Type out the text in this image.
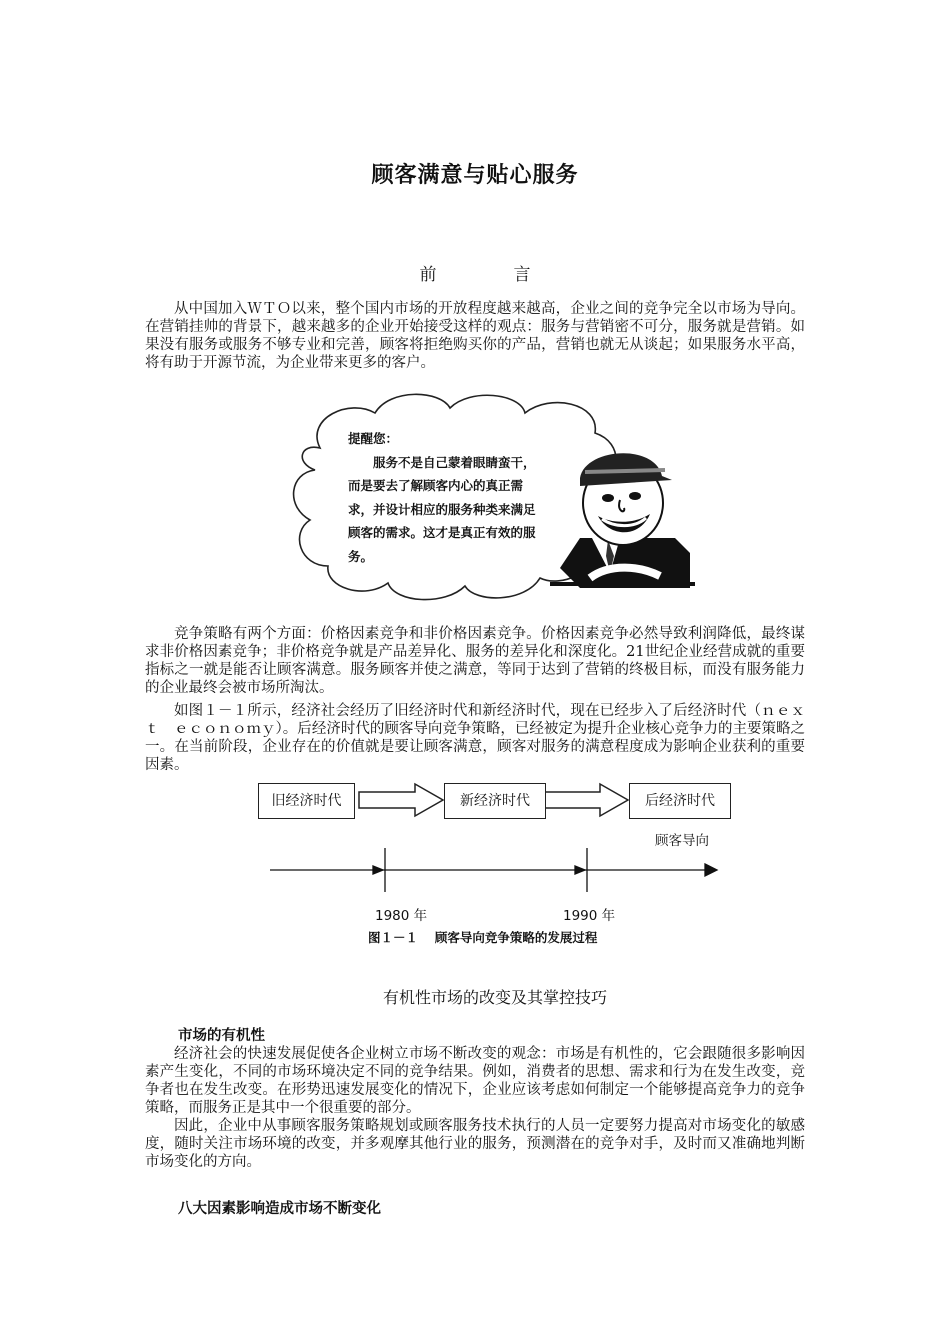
顾客满意与贴心服务
前　言

从中国加入ＷＴＯ以来，整个国内市场的开放程度越来越高，企业之间的竞争完全以市场为导向。在营销挂帅的背景下，越来越多的企业开始接受这样的观点：服务与营销密不可分，服务就是营销。如果没有服务或服务不够专业和完善，顾客将拒绝购买你的产品，营销也就无从谈起；如果服务水平高，将有助于开源节流，为企业带来更多的客户。

提醒您：
服务不是自己蒙着眼睛蛮干，而是要去了解顾客内心的真正需求，并设计相应的服务种类来满足顾客的需求。这才是真正有效的服务。

竞争策略有两个方面：价格因素竞争和非价格因素竞争。价格因素竞争必然导致利润降低，最终谋求非价格因素竞争；非价格竞争就是产品差异化、服务的差异化和深度化。21世纪企业经营成就的重要指标之一就是能否让顾客满意。服务顾客并使之满意，等同于达到了营销的终极目标，而没有服务能力的企业最终会被市场所淘汰。

如图１－１所示，经济社会经历了旧经济时代和新经济时代，现在已经步入了后经济时代（ｎｅｘｔ　ｅｃｏｎｏｍｙ）。后经济时代的顾客导向竞争策略，已经被定为提升企业核心竞争力的主要策略之一。在当前阶段，企业存在的价值就是要让顾客满意，顾客对服务的满意程度成为影响企业获利的重要因素。

旧经济时代	新经济时代	后经济时代
顾客导向
1980 年	1990 年
图１－１　 顾客导向竞争策略的发展过程
有机性市场的改变及其掌控技巧
市场的有机性

经济社会的快速发展促使各企业树立市场不断改变的观念：市场是有机性的，它会跟随很多影响因素产生变化，不同的市场环境决定不同的竞争结果。例如，消费者的思想、需求和行为在发生改变，竞争者也在发生改变。在形势迅速发展变化的情况下，企业应该考虑如何制定一个能够提高竞争力的竞争策略，而服务正是其中一个很重要的部分。

因此，企业中从事顾客服务策略规划或顾客服务技术执行的人员一定要努力提高对市场变化的敏感度，随时关注市场环境的改变，并多观摩其他行业的服务，预测潜在的竞争对手，及时而又准确地判断市场变化的方向。

八大因素影响造成市场不断变化
